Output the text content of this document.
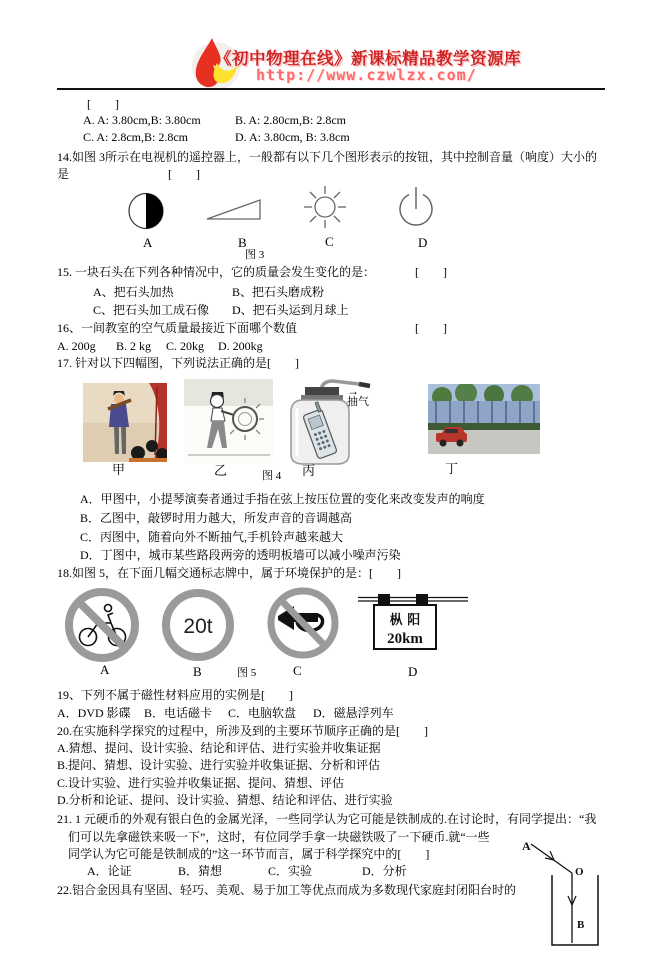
《初中物理在线》新课标精品教学资源库
http://www.czwlzx.com/
[　　]
A. A: 3.80cm,B: 3.80cm	B. A: 2.80cm,B: 2.8cm
C. A: 2.8cm,B: 2.8cm	D. A: 3.80cm, B: 3.8cm
14.如图 3所示在电视机的遥控器上，一般都有以下几个图形表示的按钮，其中控制音量（响度）大小的
是	[　　]
A	B	C	D
图 3
15. 一块石头在下列各种情况中，它的质量会发生变化的是：	[　　]
A、把石头加热	B、把石头磨成粉
C、把石头加工成石像 D、把石头运到月球上
16、一间教室的空气质量最接近下面哪个数值	[　　]
A. 200g B. 2 kg C. 20kg D. 200kg
17. 针对以下四幅图，下列说法正确的是[　　]
→
抽气
甲	乙	丙	丁
图 4
A．甲图中，小提琴演奏者通过手指在弦上按压位置的变化来改变发声的响度
B．乙图中，敲锣时用力越大，所发声音的音调越高
C．丙图中，随着向外不断抽气,手机铃声越来越大
D．丁图中，城市某些路段两旁的透明板墙可以减小噪声污染
18.如图 5，在下面几幅交通标志牌中，属于环境保护的是：[　　]
20t	枞 阳
20km
A	B	C	D
图 5
19、下列不属于磁性材料应用的实例是[　　]
A．DVD 影碟 B．电话磁卡 C．电脑软盘 D．磁悬浮列车
20.在实施科学探究的过程中，所涉及到的主要环节顺序正确的是[　　]
A.猜想、提问、设计实验、结论和评估、进行实验并收集证据
B.提问、猜想、设计实验、进行实验并收集证据、分析和评估
C.设计实验、进行实验并收集证据、提问、猜想、评估
D.分析和论证、提问、设计实验、猜想、结论和评估、进行实验
21. 1 元硬币的外观有银白色的金属光泽，一些同学认为它可能是铁制成的.在讨论时，有同学提出：“我
们可以先拿磁铁来吸一下”，这时，有位同学手拿一块磁铁吸了一下硬币.就“一些
同学认为它可能是铁制成的”这一环节而言，属于科学探究中的[　　]
A．论证	B．猜想	C．实验	D．分析
22.铝合金因具有坚固、轻巧、美观、易于加工等优点而成为多数现代家庭封闭阳台时的
A
O
B
